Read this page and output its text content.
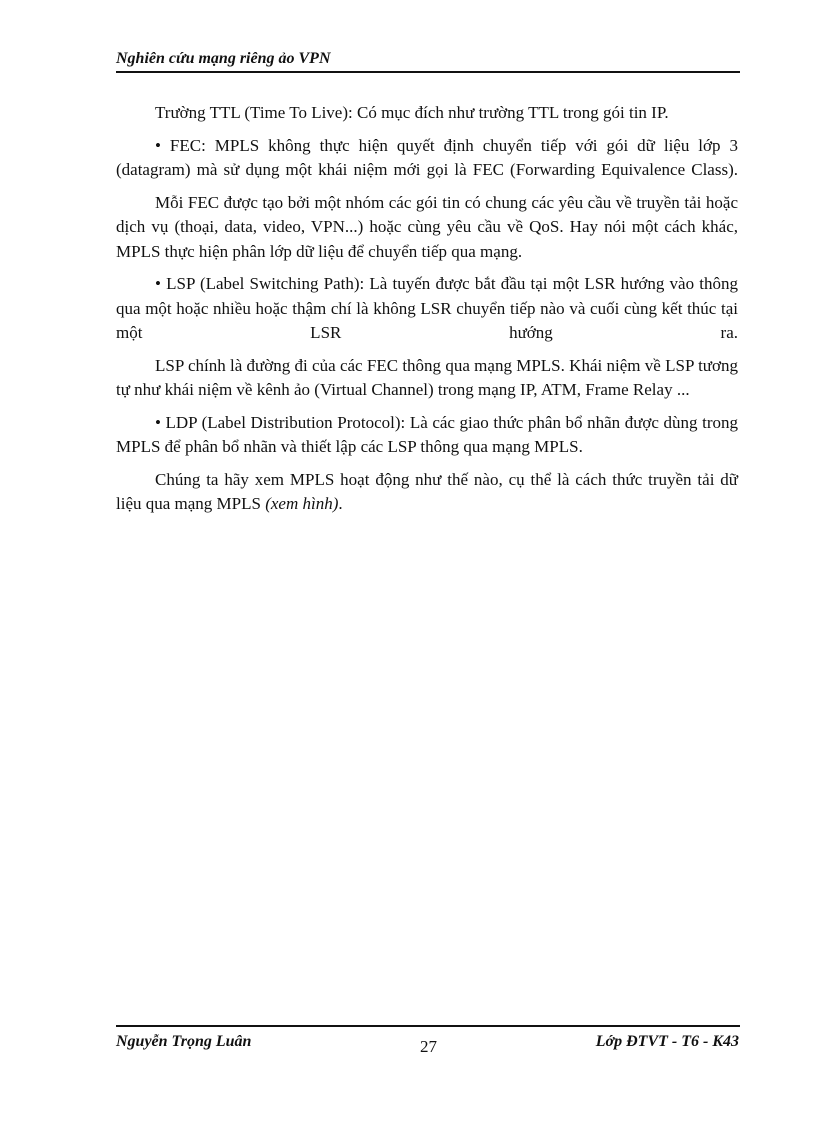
Nghiên cứu mạng riêng ảo VPN

Trường TTL (Time To Live): Có mục đích như trường TTL trong gói tin IP.

• FEC: MPLS không thực hiện quyết định chuyển tiếp với gói dữ liệu lớp 3 (datagram) mà sử dụng một khái niệm mới gọi là FEC (Forwarding Equivalence Class).

Mỗi FEC được tạo bởi một nhóm các gói tin có chung các yêu cầu về truyền tải hoặc dịch vụ (thoại, data, video, VPN...) hoặc cùng yêu cầu về QoS. Hay nói một cách khác, MPLS thực hiện phân lớp dữ liệu để chuyển tiếp qua mạng.

• LSP (Label Switching Path): Là tuyến được bắt đầu tại một LSR hướng vào thông qua một hoặc nhiều hoặc thậm chí là không LSR chuyển tiếp nào và cuối cùng kết thúc tại một LSR hướng ra.

LSP chính là đường đi của các FEC thông qua mạng MPLS. Khái niệm về LSP tương tự như khái niệm về kênh ảo (Virtual Channel) trong mạng IP, ATM, Frame Relay ...

• LDP (Label Distribution Protocol): Là các giao thức phân bổ nhãn được dùng trong MPLS để phân bổ nhãn và thiết lập các LSP thông qua mạng MPLS.

Chúng ta hãy xem MPLS hoạt động như thế nào, cụ thể là cách thức truyền tải dữ liệu qua mạng MPLS (xem hình).

Nguyễn Trọng Luân	27	Lớp ĐTVT - T6 - K43
